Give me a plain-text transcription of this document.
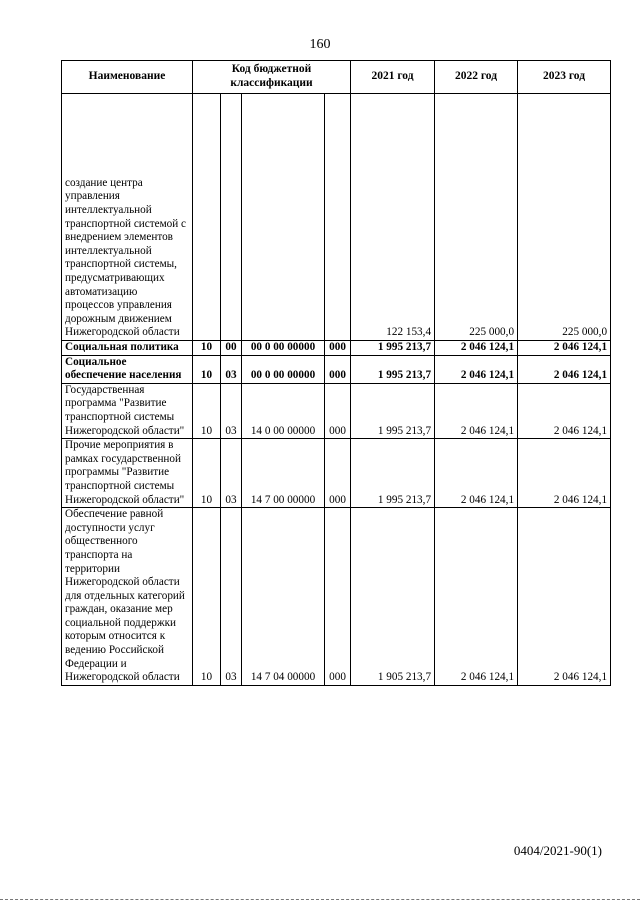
160
Наименование	Код бюджетной классификации				2021 год	2022 год	2023 год
создание центра управления интеллектуальной транспортной системой с внедрением элементов интеллектуальной транспортной системы, предусматривающих автоматизацию процессов управления дорожным движением Нижегородской области					122 153,4	225 000,0	225 000,0
Социальная политика	10	00	00 0 00 00000	000	1 995 213,7	2 046 124,1	2 046 124,1
Социальное обеспечение населения	10	03	00 0 00 00000	000	1 995 213,7	2 046 124,1	2 046 124,1
Государственная программа "Развитие транспортной системы Нижегородской области"	10	03	14 0 00 00000	000	1 995 213,7	2 046 124,1	2 046 124,1
Прочие мероприятия в рамках государственной программы "Развитие транспортной системы Нижегородской области"	10	03	14 7 00 00000	000	1 995 213,7	2 046 124,1	2 046 124,1
Обеспечение равной доступности услуг общественного транспорта на территории Нижегородской области для отдельных категорий граждан, оказание мер социальной поддержки которым относится к ведению Российской Федерации и Нижегородской области	10	03	14 7 04 00000	000	1 905 213,7	2 046 124,1	2 046 124,1
0404/2021-90(1)
